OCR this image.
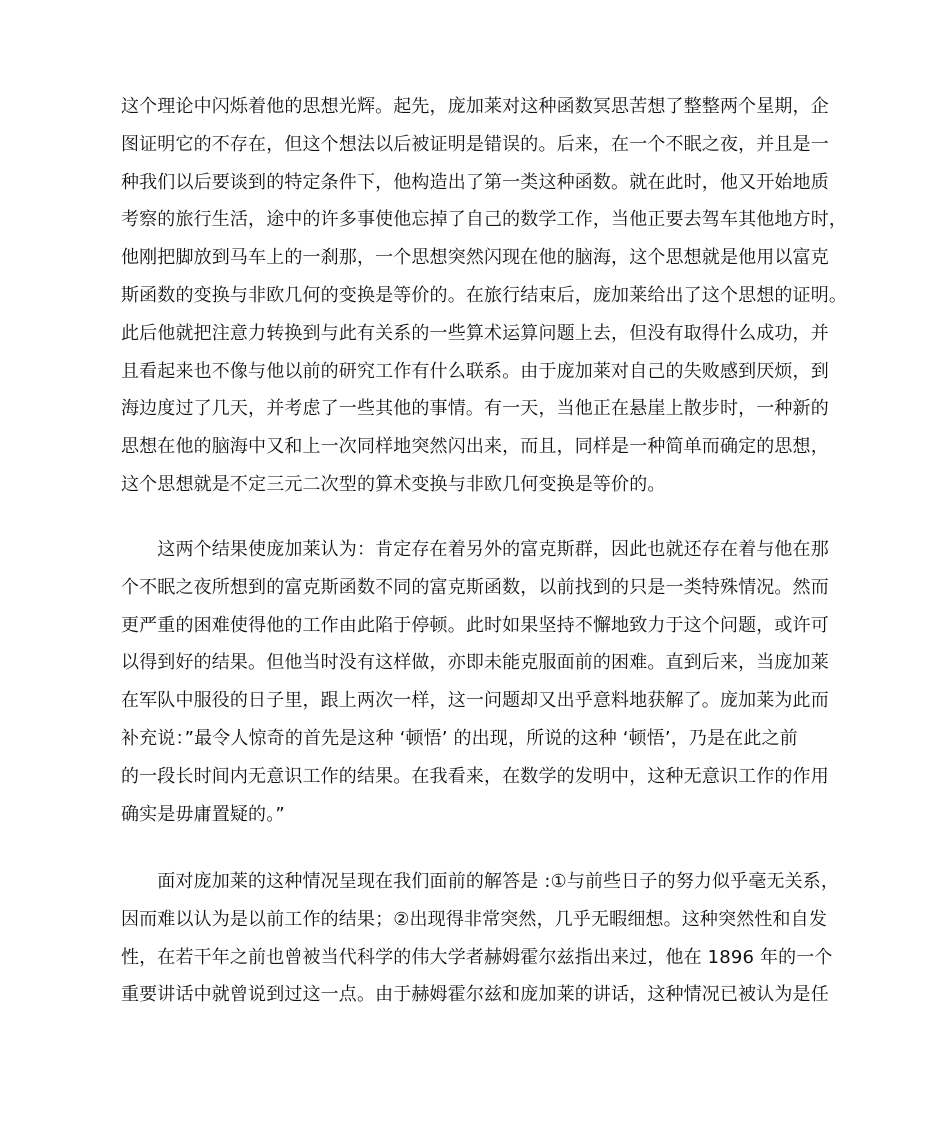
这个理论中闪烁着他的思想光辉。起先，庞加莱对这种函数冥思苦想了整整两个星期，企
图证明它的不存在，但这个想法以后被证明是错误的。后来，在一个不眠之夜，并且是一
种我们以后要谈到的特定条件下，他构造出了第一类这种函数。就在此时，他又开始地质
考察的旅行生活，途中的许多事使他忘掉了自己的数学工作，当他正要去驾车其他地方时，
他刚把脚放到马车上的一刹那，一个思想突然闪现在他的脑海，这个思想就是他用以富克
斯函数的变换与非欧几何的变换是等价的。在旅行结束后，庞加莱给出了这个思想的证明。
此后他就把注意力转换到与此有关系的一些算术运算问题上去，但没有取得什么成功，并
且看起来也不像与他以前的研究工作有什么联系。由于庞加莱对自己的失败感到厌烦，到
海边度过了几天，并考虑了一些其他的事情。有一天，当他正在悬崖上散步时，一种新的
思想在他的脑海中又和上一次同样地突然闪出来，而且，同样是一种简单而确定的思想，
这个思想就是不定三元二次型的算术变换与非欧几何变换是等价的。
　　这两个结果使庞加莱认为：肯定存在着另外的富克斯群，因此也就还存在着与他在那
个不眠之夜所想到的富克斯函数不同的富克斯函数，以前找到的只是一类特殊情况。然而
更严重的困难使得他的工作由此陷于停顿。此时如果坚持不懈地致力于这个问题，或许可
以得到好的结果。但他当时没有这样做，亦即未能克服面前的困难。直到后来，当庞加莱
在军队中服役的日子里，跟上两次一样，这一问题却又出乎意料地获解了。庞加莱为此而
补充说：”最令人惊奇的首先是这种 ‘顿悟’ 的出现，所说的这种 ‘顿悟’，乃是在此之前
的一段长时间内无意识工作的结果。在我看来，在数学的发明中，这种无意识工作的作用
确实是毋庸置疑的。”
　　面对庞加莱的这种情况呈现在我们面前的解答是 :①与前些日子的努力似乎毫无关系，
因而难以认为是以前工作的结果；②出现得非常突然，几乎无暇细想。这种突然性和自发
性，在若干年之前也曾被当代科学的伟大学者赫姆霍尔兹指出来过，他在 1896 年的一个
重要讲话中就曾说到过这一点。由于赫姆霍尔兹和庞加莱的讲话，这种情况已被认为是任
